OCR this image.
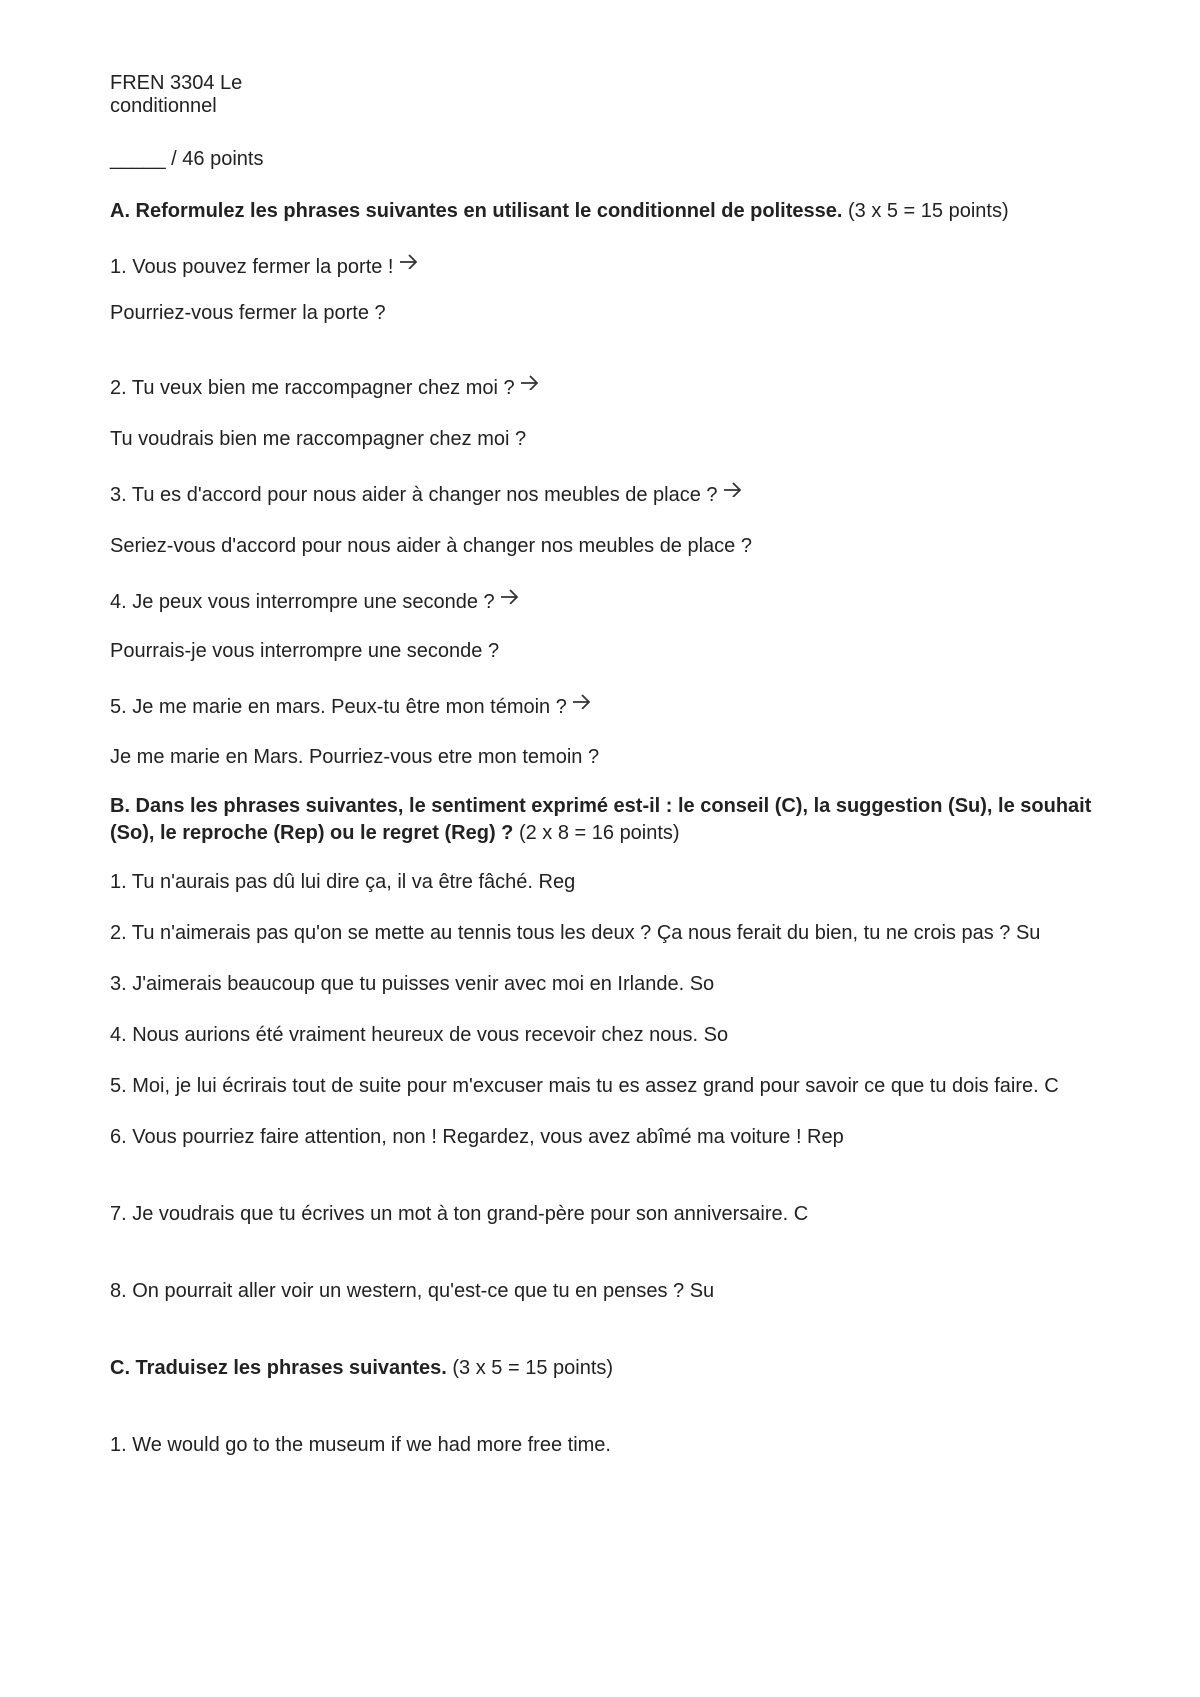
FREN 3304 Le

conditionnel

_____ / 46 points

A. Reformulez les phrases suivantes en utilisant le conditionnel de politesse. (3 x 5 = 15 points)

1. Vous pouvez fermer la porte !

Pourriez-vous fermer la porte ?

2. Tu veux bien me raccompagner chez moi ?

Tu voudrais bien me raccompagner chez moi ?

3. Tu es d'accord pour nous aider à changer nos meubles de place ?

Seriez-vous d'accord pour nous aider à changer nos meubles de place ?

4. Je peux vous interrompre une seconde ?

Pourrais-je vous interrompre une seconde ?

5. Je me marie en mars. Peux-tu être mon témoin ?

Je me marie en Mars. Pourriez-vous etre mon temoin ?

B. Dans les phrases suivantes, le sentiment exprimé est-il : le conseil (C), la suggestion (Su), le souhait (So), le reproche (Rep) ou le regret (Reg) ? (2 x 8 = 16 points)

1. Tu n'aurais pas dû lui dire ça, il va être fâché. Reg

2. Tu n'aimerais pas qu'on se mette au tennis tous les deux ? Ça nous ferait du bien, tu ne crois pas ? Su

3. J'aimerais beaucoup que tu puisses venir avec moi en Irlande. So

4. Nous aurions été vraiment heureux de vous recevoir chez nous. So

5. Moi, je lui écrirais tout de suite pour m'excuser mais tu es assez grand pour savoir ce que tu dois faire. C

6. Vous pourriez faire attention, non ! Regardez, vous avez abîmé ma voiture ! Rep

7. Je voudrais que tu écrives un mot à ton grand-père pour son anniversaire. C

8. On pourrait aller voir un western, qu'est-ce que tu en penses ? Su

C. Traduisez les phrases suivantes. (3 x 5 = 15 points)

1. We would go to the museum if we had more free time.
